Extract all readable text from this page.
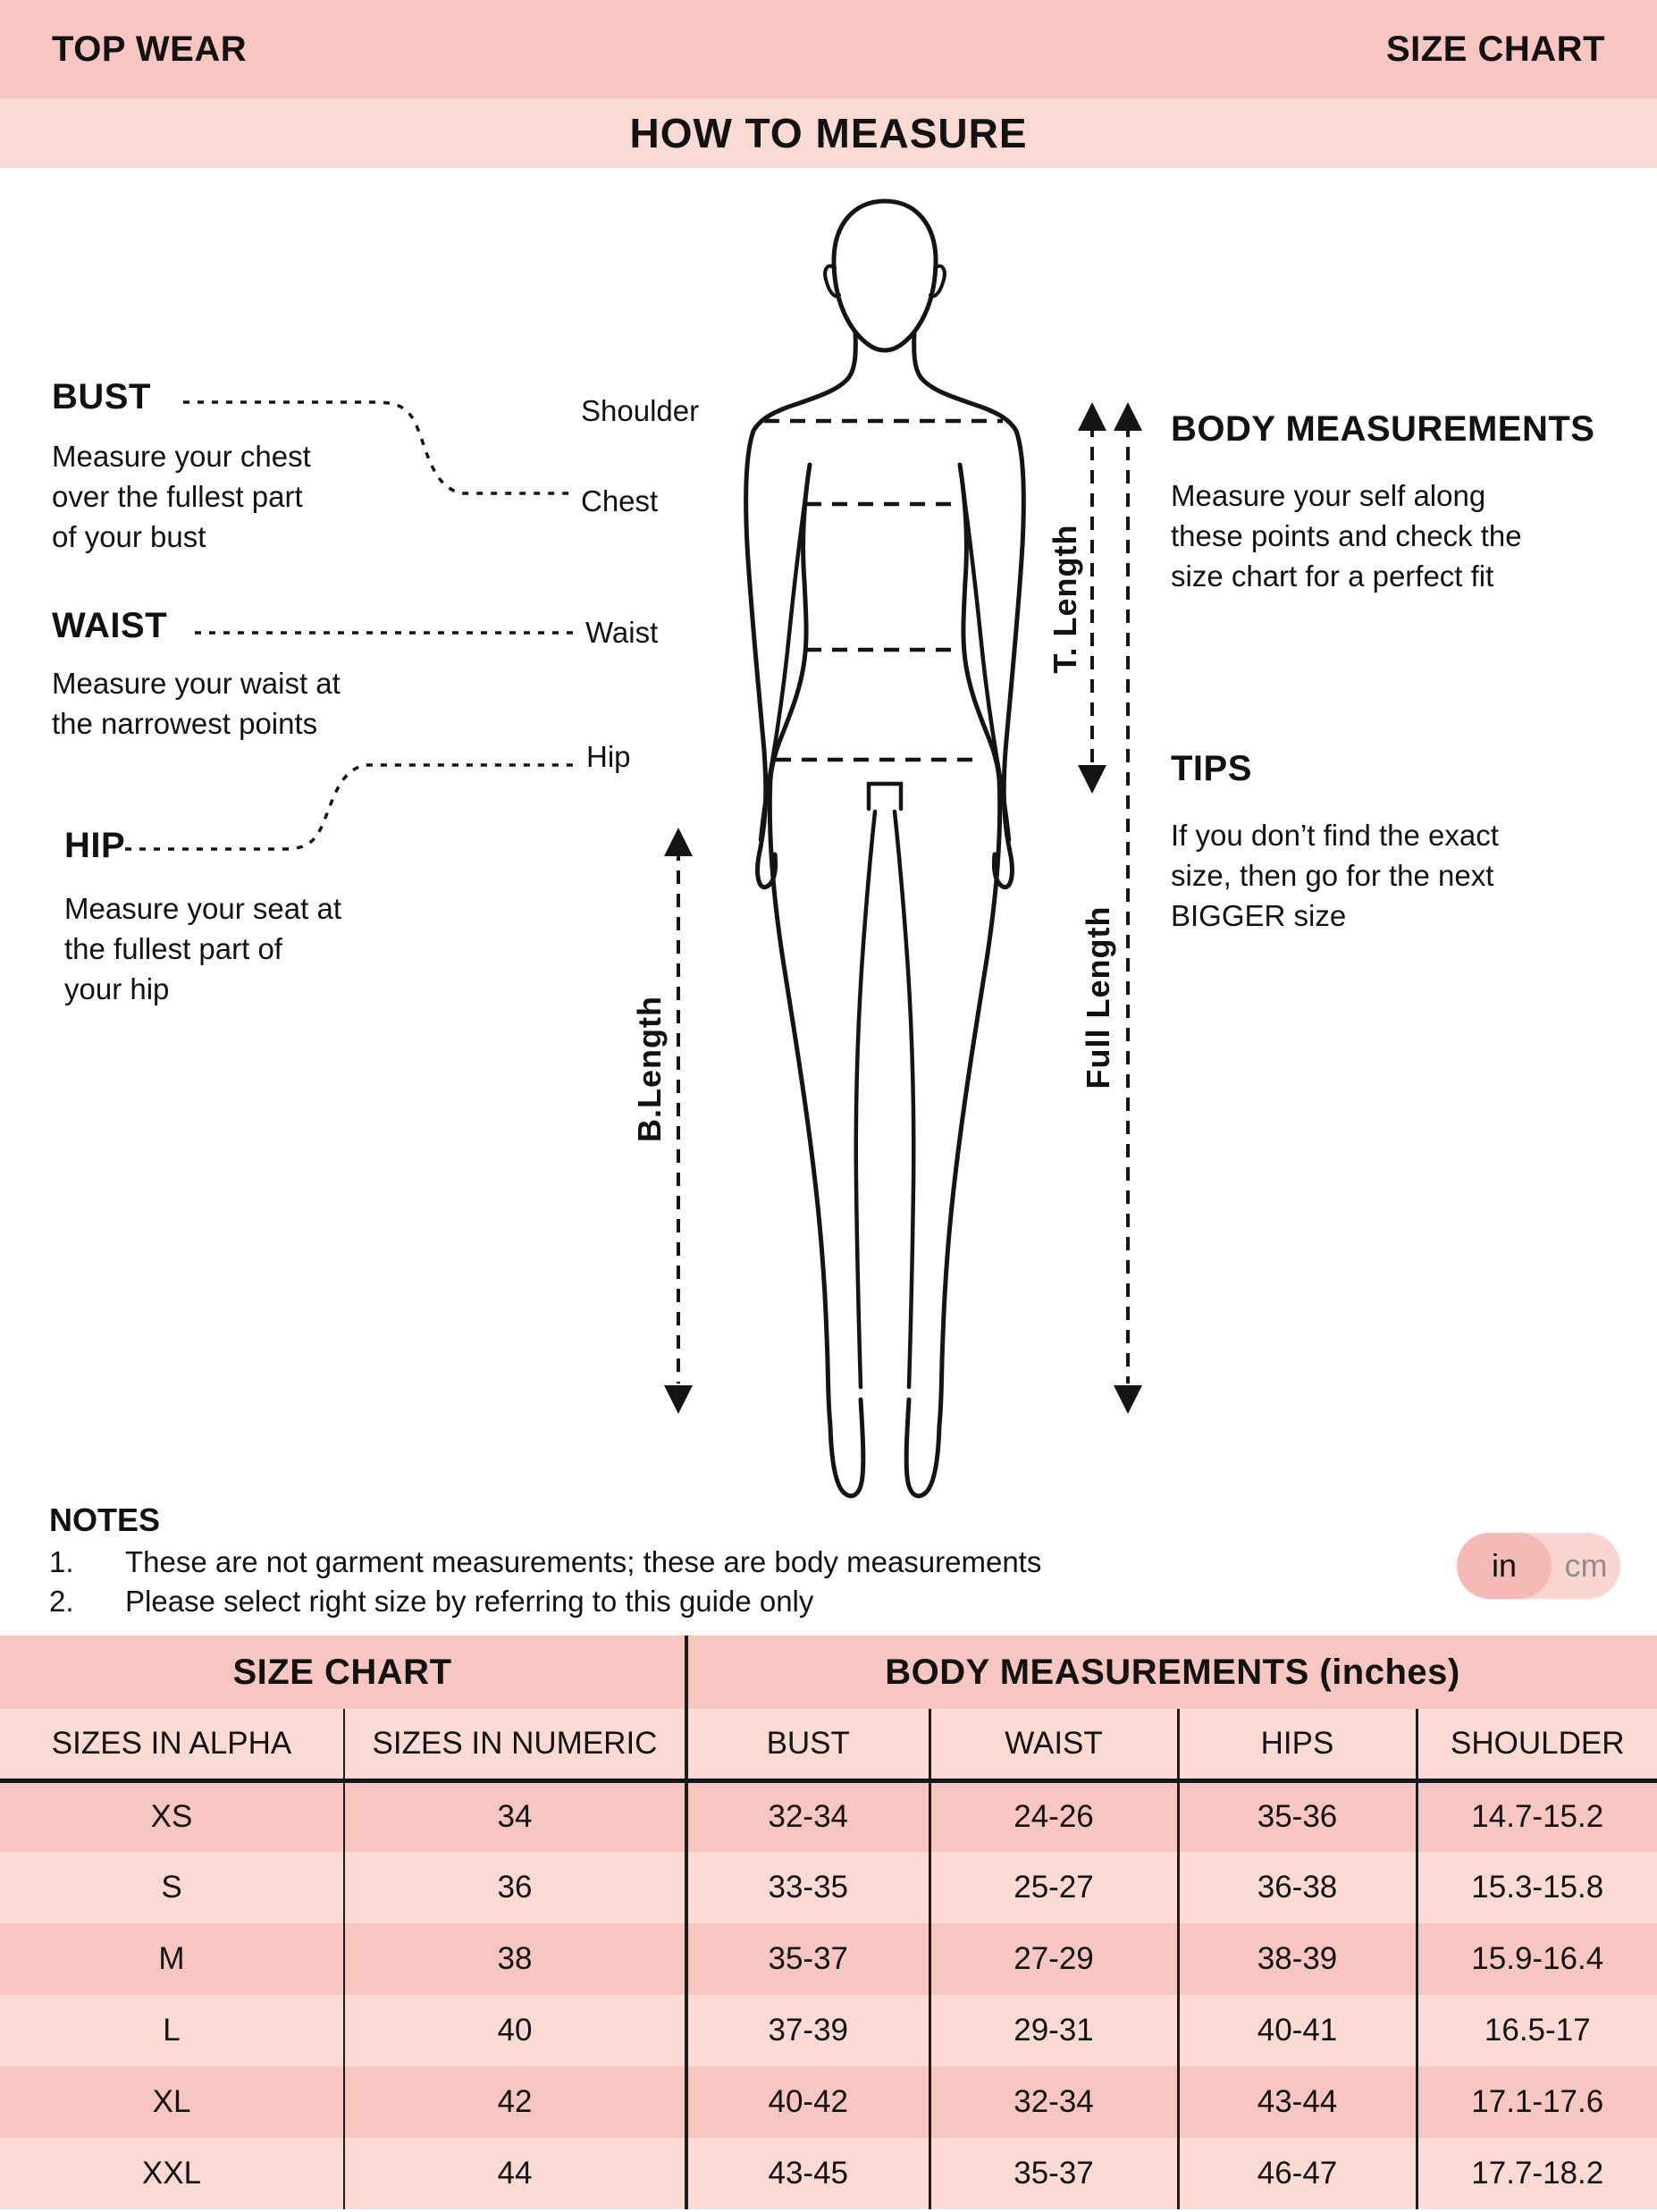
TOP WEAR	SIZE CHART
HOW TO MEASURE
BUST
Measure your chest
over the fullest part
of your bust
WAIST
Measure your waist at
the narrowest points
HIP
Measure your seat at
the fullest part of
your hip
Shoulder
Chest
Waist
Hip
T. Length
B.Length	Full Length
BODY MEASUREMENTS
Measure your self along
these points and check the
size chart for a perfect fit
TIPS
If you don’t find the exact
size, then go for the next
BIGGER size
NOTES
1.	These are not garment measurements; these are body measurements
2.	Please select right size by referring to this guide only
in	cm
SIZE CHART		BODY MEASUREMENTS (inches)			
SIZES IN ALPHA	SIZES IN NUMERIC	BUST	WAIST	HIPS	SHOULDER
XS	34	32-34	24-26	35-36	14.7-15.2
S	36	33-35	25-27	36-38	15.3-15.8
M	38	35-37	27-29	38-39	15.9-16.4
L	40	37-39	29-31	40-41	16.5-17
XL	42	40-42	32-34	43-44	17.1-17.6
XXL	44	43-45	35-37	46-47	17.7-18.2
